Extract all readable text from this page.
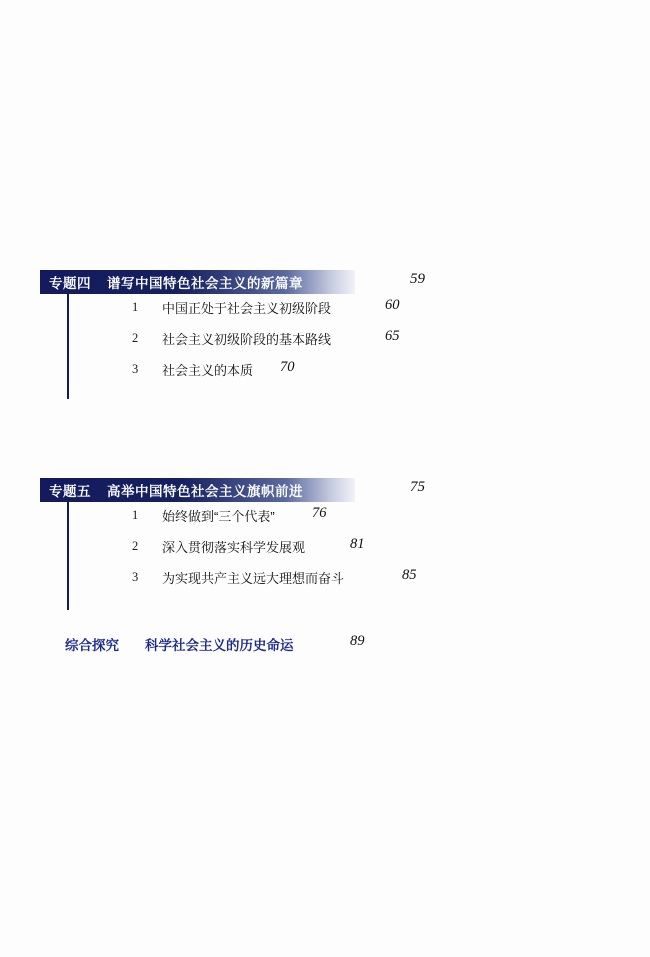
专题四 谱写中国特色社会主义的新篇章	59
1 中国正处于社会主义初级阶段	60
2 社会主义初级阶段的基本路线	65
3 社会主义的本质 70
专题五 高举中国特色社会主义旗帜前进	75
1 始终做到“三个代表”	76
2 深入贯彻落实科学发展观	81
3 为实现共产主义远大理想而奋斗	85
综合探究 科学社会主义的历史命运	89
